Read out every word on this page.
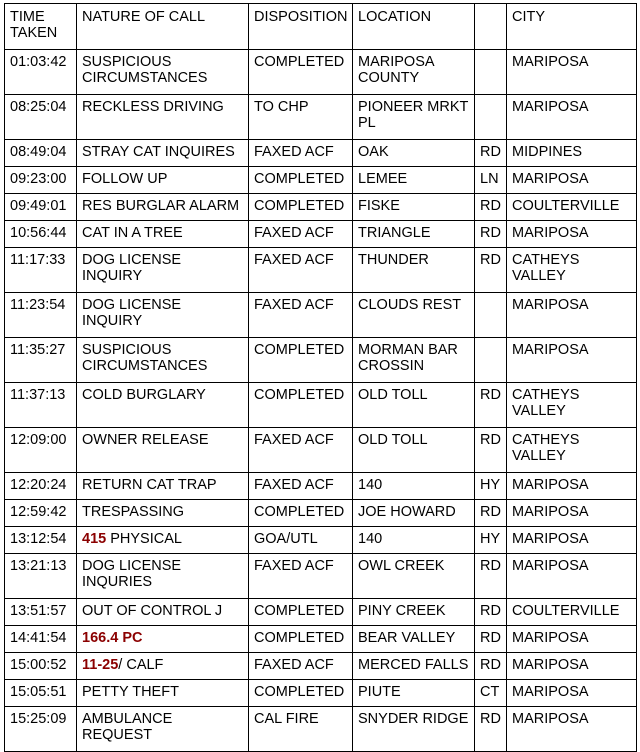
TIME TAKEN	NATURE OF CALL	DISPOSITION	LOCATION		CITY
01:03:42	SUSPICIOUS CIRCUMSTANCES	COMPLETED	MARIPOSA COUNTY		MARIPOSA
08:25:04	RECKLESS DRIVING	TO CHP	PIONEER MRKT PL		MARIPOSA
08:49:04	STRAY CAT INQUIRES	FAXED ACF	OAK	RD	MIDPINES
09:23:00	FOLLOW UP	COMPLETED	LEMEE	LN	MARIPOSA
09:49:01	RES BURGLAR ALARM	COMPLETED	FISKE	RD	COULTERVILLE
10:56:44	CAT IN A TREE	FAXED ACF	TRIANGLE	RD	MARIPOSA
11:17:33	DOG LICENSE INQUIRY	FAXED ACF	THUNDER	RD	CATHEYS VALLEY
11:23:54	DOG LICENSE INQUIRY	FAXED ACF	CLOUDS REST		MARIPOSA
11:35:27	SUSPICIOUS CIRCUMSTANCES	COMPLETED	MORMAN BAR CROSSIN		MARIPOSA
11:37:13	COLD BURGLARY	COMPLETED	OLD TOLL	RD	CATHEYS VALLEY
12:09:00	OWNER RELEASE	FAXED ACF	OLD TOLL	RD	CATHEYS VALLEY
12:20:24	RETURN CAT TRAP	FAXED ACF	140	HY	MARIPOSA
12:59:42	TRESPASSING	COMPLETED	JOE HOWARD	RD	MARIPOSA
13:12:54	415 PHYSICAL	GOA/UTL	140	HY	MARIPOSA
13:21:13	DOG LICENSE INQURIES	FAXED ACF	OWL CREEK	RD	MARIPOSA
13:51:57	OUT OF CONTROL J	COMPLETED	PINY CREEK	RD	COULTERVILLE
14:41:54	166.4 PC	COMPLETED	BEAR VALLEY	RD	MARIPOSA
15:00:52	11-25/ CALF	FAXED ACF	MERCED FALLS	RD	MARIPOSA
15:05:51	PETTY THEFT	COMPLETED	PIUTE	CT	MARIPOSA
15:25:09	AMBULANCE REQUEST	CAL FIRE	SNYDER RIDGE	RD	MARIPOSA
